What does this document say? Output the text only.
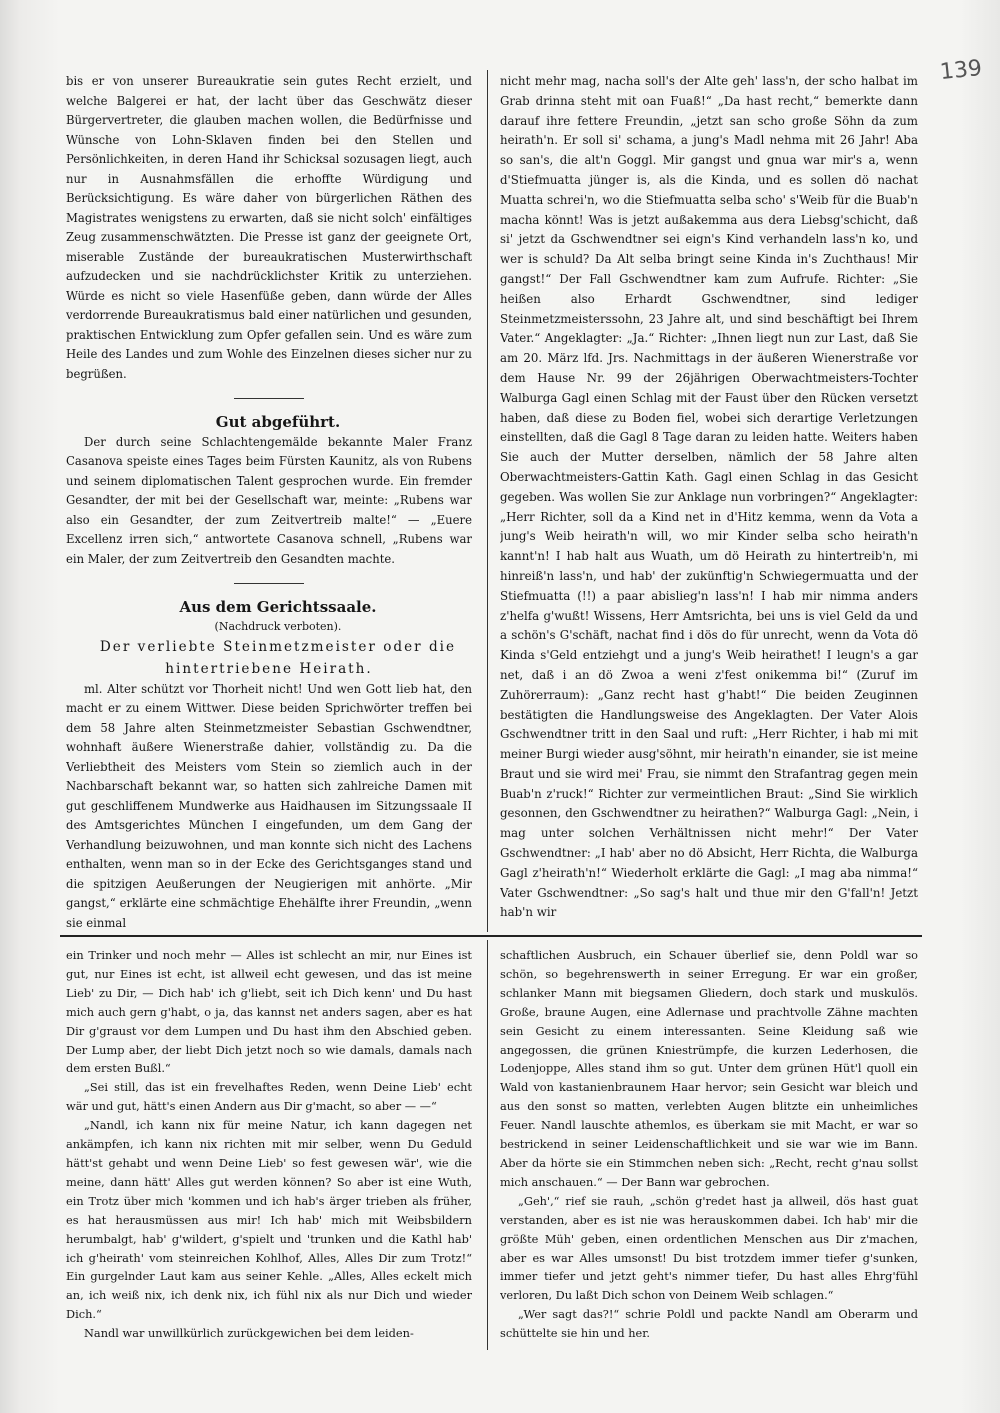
139

bis er von unserer Bureaukratie sein gutes Recht erzielt, und welche Balgerei er hat, der lacht über das Geschwätz dieser Bürgervertreter, die glauben machen wollen, die Bedürfnisse und Wünsche von Lohn-Sklaven finden bei den Stellen und Persönlichkeiten, in deren Hand ihr Schicksal sozusagen liegt, auch nur in Ausnahmsfällen die erhoffte Würdigung und Berücksichtigung. Es wäre daher von bürgerlichen Räthen des Magistrates wenigstens zu erwarten, daß sie nicht solch' einfältiges Zeug zusammenschwätzten. Die Presse ist ganz der geeignete Ort, miserable Zustände der bureaukratischen Musterwirthschaft aufzudecken und sie nachdrücklichster Kritik zu unterziehen. Würde es nicht so viele Hasenfüße geben, dann würde der Alles verdorrende Bureaukratismus bald einer natürlichen und gesunden, praktischen Entwicklung zum Opfer gefallen sein. Und es wäre zum Heile des Landes und zum Wohle des Einzelnen dieses sicher nur zu begrüßen.

Gut abgeführt.

Der durch seine Schlachtengemälde bekannte Maler Franz Casanova speiste eines Tages beim Fürsten Kaunitz, als von Rubens und seinem diplomatischen Talent gesprochen wurde. Ein fremder Gesandter, der mit bei der Gesellschaft war, meinte: „Rubens war also ein Gesandter, der zum Zeitvertreib malte!“ — „Euere Excellenz irren sich,“ antwortete Casanova schnell, „Rubens war ein Maler, der zum Zeitvertreib den Gesandten machte.

Aus dem Gerichtssaale.

(Nachdruck verboten).

Der verliebte Steinmetzmeister oder die hintertriebene Heirath.

ml. Alter schützt vor Thorheit nicht! Und wen Gott lieb hat, den macht er zu einem Wittwer. Diese beiden Sprichwörter treffen bei dem 58 Jahre alten Steinmetzmeister Sebastian Gschwendtner, wohnhaft äußere Wienerstraße dahier, vollständig zu. Da die Verliebtheit des Meisters vom Stein so ziemlich auch in der Nachbarschaft bekannt war, so hatten sich zahlreiche Damen mit gut geschliffenem Mundwerke aus Haidhausen im Sitzungssaale II des Amtsgerichtes München I eingefunden, um dem Gang der Verhandlung beizuwohnen, und man konnte sich nicht des Lachens enthalten, wenn man so in der Ecke des Gerichtsganges stand und die spitzigen Aeußerungen der Neugierigen mit anhörte. „Mir gangst,“ erklärte eine schmächtige Ehehälfte ihrer Freundin, „wenn sie einmal

nicht mehr mag, nacha soll's der Alte geh' lass'n, der scho halbat im Grab drinna steht mit oan Fuaß!“ „Da hast recht,“ bemerkte dann darauf ihre fettere Freundin, „jetzt san scho große Söhn da zum heirath'n. Er soll si' schama, a jung's Madl nehma mit 26 Jahr! Aba so san's, die alt'n Goggl. Mir gangst und gnua war mir's a, wenn d'Stiefmuatta jünger is, als die Kinda, und es sollen dö nachat Muatta schrei'n, wo die Stiefmuatta selba scho' s'Weib für die Buab'n macha könnt! Was is jetzt außakemma aus dera Liebsg'schicht, daß si' jetzt da Gschwendtner sei eign's Kind verhandeln lass'n ko, und wer is schuld? Da Alt selba bringt seine Kinda in's Zuchthaus! Mir gangst!“ Der Fall Gschwendtner kam zum Aufrufe. Richter: „Sie heißen also Erhardt Gschwendtner, sind lediger Steinmetzmeisterssohn, 23 Jahre alt, und sind beschäftigt bei Ihrem Vater.“ Angeklagter: „Ja.“ Richter: „Ihnen liegt nun zur Last, daß Sie am 20. März lfd. Jrs. Nachmittags in der äußeren Wienerstraße vor dem Hause Nr. 99 der 26jährigen Oberwachtmeisters-Tochter Walburga Gagl einen Schlag mit der Faust über den Rücken versetzt haben, daß diese zu Boden fiel, wobei sich derartige Verletzungen einstellten, daß die Gagl 8 Tage daran zu leiden hatte. Weiters haben Sie auch der Mutter derselben, nämlich der 58 Jahre alten Oberwachtmeisters-Gattin Kath. Gagl einen Schlag in das Gesicht gegeben. Was wollen Sie zur Anklage nun vorbringen?“ Angeklagter: „Herr Richter, soll da a Kind net in d'Hitz kemma, wenn da Vota a jung's Weib heirath'n will, wo mir Kinder selba scho heirath'n kannt'n! I hab halt aus Wuath, um dö Heirath zu hintertreib'n, mi hinreiß'n lass'n, und hab' der zukünftig'n Schwiegermuatta und der Stiefmuatta (!!) a paar abislieg'n lass'n! I hab mir nimma anders z'helfa g'wußt! Wissens, Herr Amtsrichta, bei uns is viel Geld da und a schön's G'schäft, nachat find i dös do für unrecht, wenn da Vota dö Kinda s'Geld entziehgt und a jung's Weib heirathet! I leugn's a gar net, daß i an dö Zwoa a weni z'fest onikemma bi!“ (Zuruf im Zuhörerraum): „Ganz recht hast g'habt!“ Die beiden Zeuginnen bestätigten die Handlungsweise des Angeklagten. Der Vater Alois Gschwendtner tritt in den Saal und ruft: „Herr Richter, i hab mi mit meiner Burgi wieder ausg'söhnt, mir heirath'n einander, sie ist meine Braut und sie wird mei' Frau, sie nimmt den Strafantrag gegen mein Buab'n z'ruck!“ Richter zur vermeintlichen Braut: „Sind Sie wirklich gesonnen, den Gschwendtner zu heirathen?“ Walburga Gagl: „Nein, i mag unter solchen Verhältnissen nicht mehr!“ Der Vater Gschwendtner: „I hab' aber no dö Absicht, Herr Richta, die Walburga Gagl z'heirath'n!“ Wiederholt erklärte die Gagl: „I mag aba nimma!“ Vater Gschwendtner: „So sag's halt und thue mir den G'fall'n! Jetzt hab'n wir

ein Trinker und noch mehr — Alles ist schlecht an mir, nur Eines ist gut, nur Eines ist echt, ist allweil echt gewesen, und das ist meine Lieb' zu Dir, — Dich hab' ich g'liebt, seit ich Dich kenn' und Du hast mich auch gern g'habt, o ja, das kannst net anders sagen, aber es hat Dir g'graust vor dem Lumpen und Du hast ihm den Abschied geben. Der Lump aber, der liebt Dich jetzt noch so wie damals, damals nach dem ersten Bußl.“

„Sei still, das ist ein frevelhaftes Reden, wenn Deine Lieb' echt wär und gut, hätt's einen Andern aus Dir g'macht, so aber — —“

„Nandl, ich kann nix für meine Natur, ich kann dagegen net ankämpfen, ich kann nix richten mit mir selber, wenn Du Geduld hätt'st gehabt und wenn Deine Lieb' so fest gewesen wär', wie die meine, dann hätt' Alles gut werden können? So aber ist eine Wuth, ein Trotz über mich 'kommen und ich hab's ärger trieben als früher, es hat herausmüssen aus mir! Ich hab' mich mit Weibsbildern herumbalgt, hab' g'wildert, g'spielt und 'trunken und die Kathl hab' ich g'heirath' vom steinreichen Kohlhof, Alles, Alles Dir zum Trotz!“ Ein gurgelnder Laut kam aus seiner Kehle. „Alles, Alles eckelt mich an, ich weiß nix, ich denk nix, ich fühl nix als nur Dich und wieder Dich.“

Nandl war unwillkürlich zurückgewichen bei dem leiden-

schaftlichen Ausbruch, ein Schauer überlief sie, denn Poldl war so schön, so begehrenswerth in seiner Erregung. Er war ein großer, schlanker Mann mit biegsamen Gliedern, doch stark und muskulös. Große, braune Augen, eine Adlernase und prachtvolle Zähne machten sein Gesicht zu einem interessanten. Seine Kleidung saß wie angegossen, die grünen Kniestrümpfe, die kurzen Lederhosen, die Lodenjoppe, Alles stand ihm so gut. Unter dem grünen Hüt'l quoll ein Wald von kastanienbraunem Haar hervor; sein Gesicht war bleich und aus den sonst so matten, verlebten Augen blitzte ein unheimliches Feuer. Nandl lauschte athemlos, es überkam sie mit Macht, er war so bestrickend in seiner Leidenschaftlichkeit und sie war wie im Bann. Aber da hörte sie ein Stimmchen neben sich: „Recht, recht g'nau sollst mich anschauen.“ — Der Bann war gebrochen.

„Geh',“ rief sie rauh, „schön g'redet hast ja allweil, dös hast guat verstanden, aber es ist nie was herauskommen dabei. Ich hab' mir die größte Müh' geben, einen ordentlichen Menschen aus Dir z'machen, aber es war Alles umsonst! Du bist trotzdem immer tiefer g'sunken, immer tiefer und jetzt geht's nimmer tiefer, Du hast alles Ehrg'fühl verloren, Du laßt Dich schon von Deinem Weib schlagen.“

„Wer sagt das?!“ schrie Poldl und packte Nandl am Oberarm und schüttelte sie hin und her.
